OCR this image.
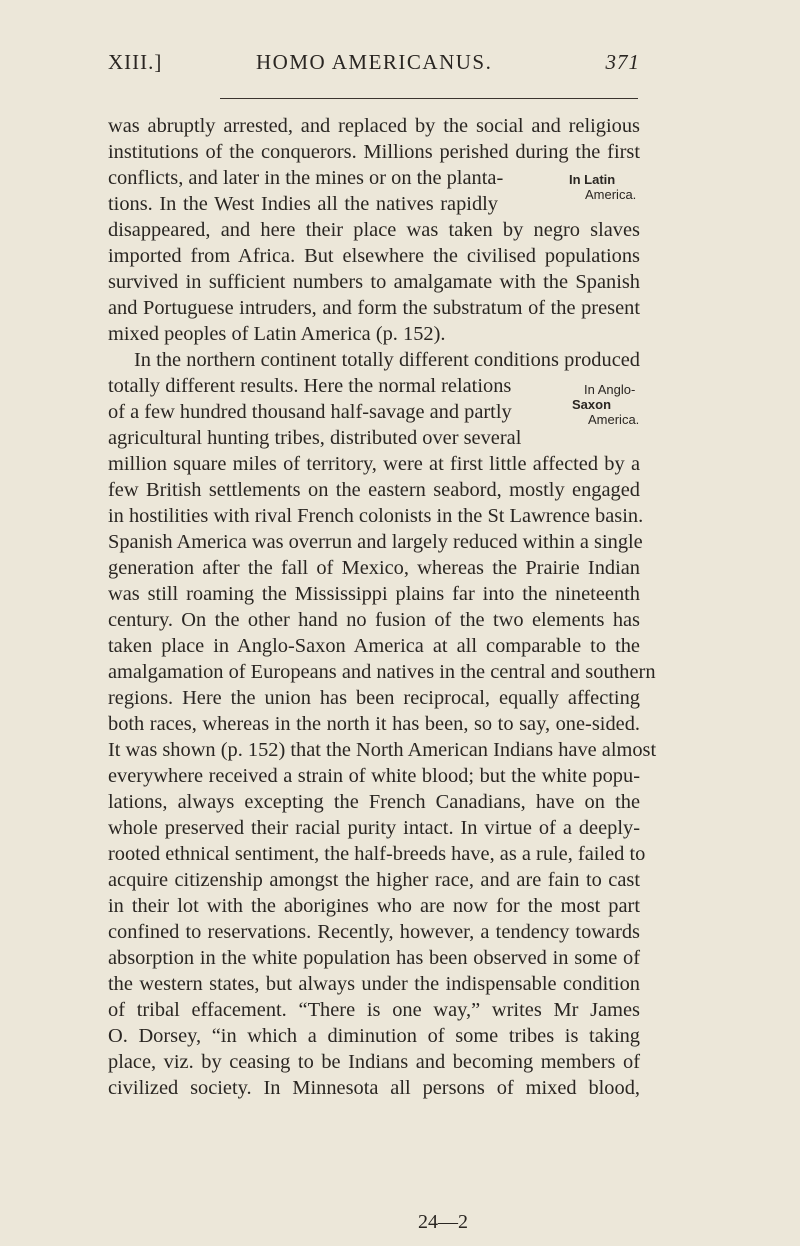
XIII.]	HOMO AMERICANUS.	371
was abruptly arrested, and replaced by the social and religious
institutions of the conquerors. Millions perished during the first
conflicts, and later in the mines or on the planta-
tions. In the West Indies all the natives rapidly
disappeared, and here their place was taken by negro slaves
imported from Africa. But elsewhere the civilised populations
survived in sufficient numbers to amalgamate with the Spanish
and Portuguese intruders, and form the substratum of the present
mixed peoples of Latin America (p. 152).
In the northern continent totally different conditions produced
totally different results. Here the normal relations
of a few hundred thousand half-savage and partly
agricultural hunting tribes, distributed over several
million square miles of territory, were at first little affected by a
few British settlements on the eastern seabord, mostly engaged
in hostilities with rival French colonists in the St Lawrence basin.
Spanish America was overrun and largely reduced within a single
generation after the fall of Mexico, whereas the Prairie Indian
was still roaming the Mississippi plains far into the nineteenth
century. On the other hand no fusion of the two elements has
taken place in Anglo-Saxon America at all comparable to the
amalgamation of Europeans and natives in the central and southern
regions. Here the union has been reciprocal, equally affecting
both races, whereas in the north it has been, so to say, one-sided.
It was shown (p. 152) that the North American Indians have almost
everywhere received a strain of white blood; but the white popu-
lations, always excepting the French Canadians, have on the
whole preserved their racial purity intact. In virtue of a deeply-
rooted ethnical sentiment, the half-breeds have, as a rule, failed to
acquire citizenship amongst the higher race, and are fain to cast
in their lot with the aborigines who are now for the most part
confined to reservations. Recently, however, a tendency towards
absorption in the white population has been observed in some of
the western states, but always under the indispensable condition
of tribal effacement. “There is one way,” writes Mr James
O. Dorsey, “in which a diminution of some tribes is taking
place, viz. by ceasing to be Indians and becoming members of
civilized society. In Minnesota all persons of mixed blood,
In Latin
America.
In Anglo-
Saxon
America.
24—2
